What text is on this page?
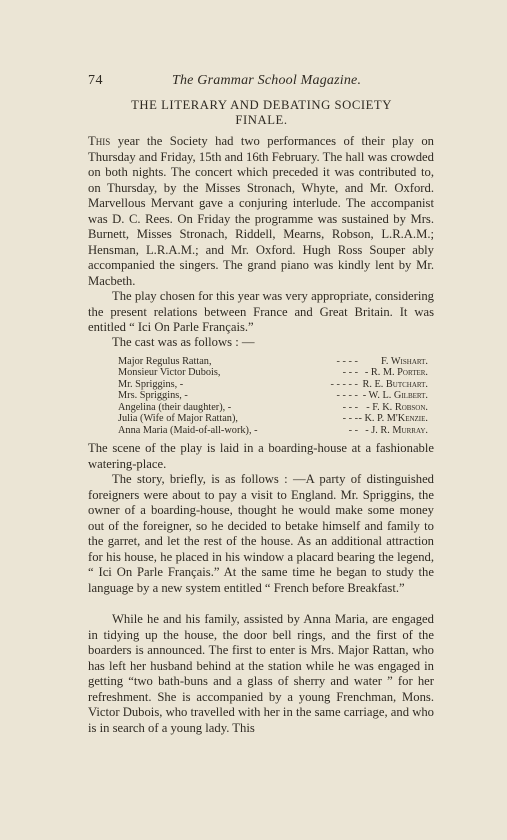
74	The Grammar School Magazine.
THE LITERARY AND DEBATING SOCIETY
FINALE.

This year the Society had two performances of their play on Thursday and Friday, 15th and 16th February. The hall was crowded on both nights. The concert which preceded it was contributed to, on Thursday, by the Misses Stronach, Whyte, and Mr. Oxford. Marvellous Mervant gave a conjuring interlude. The accompanist was D. C. Rees. On Friday the programme was sustained by Mrs. Burnett, Misses Stronach, Riddell, Mearns, Robson, L.R.A.M.; Hensman, L.R.A.M.; and Mr. Oxford. Hugh Ross Souper ably accompanied the singers. The grand piano was kindly lent by Mr. Macbeth.

The play chosen for this year was very appropriate, considering the present relations between France and Great Britain. It was entitled “ Ici On Parle Français.”

The cast was as follows : —

Major Regulus Rattan,	- - - - F. Wishart.
Monsieur Victor Dubois,	- - - - R. M. Porter.
Mr. Spriggins, -	- - - - - R. E. Butchart.
Mrs. Spriggins, -	- - - - - W. L. Gilbert.
Angelina (their daughter), -	- - - - F. K. Robson.
Julia (Wife of Major Rattan),	- - - - K. P. M'Kenzie.
Anna Maria (Maid-of-all-work), -	- - - J. R. Murray.

The scene of the play is laid in a boarding-house at a fashionable watering-place.

The story, briefly, is as follows : —A party of distinguished foreigners were about to pay a visit to England. Mr. Spriggins, the owner of a boarding-house, thought he would make some money out of the foreigner, so he decided to betake himself and family to the garret, and let the rest of the house. As an additional attraction for his house, he placed in his window a placard bearing the legend, “ Ici On Parle Français.” At the same time he began to study the language by a new system entitled “ French before Breakfast.”

While he and his family, assisted by Anna Maria, are engaged in tidying up the house, the door bell rings, and the first of the boarders is announced. The first to enter is Mrs. Major Rattan, who has left her husband behind at the station while he was engaged in getting “two bath-buns and a glass of sherry and water ” for her refreshment. She is accompanied by a young Frenchman, Mons. Victor Dubois, who travelled with her in the same carriage, and who is in search of a young lady. This
